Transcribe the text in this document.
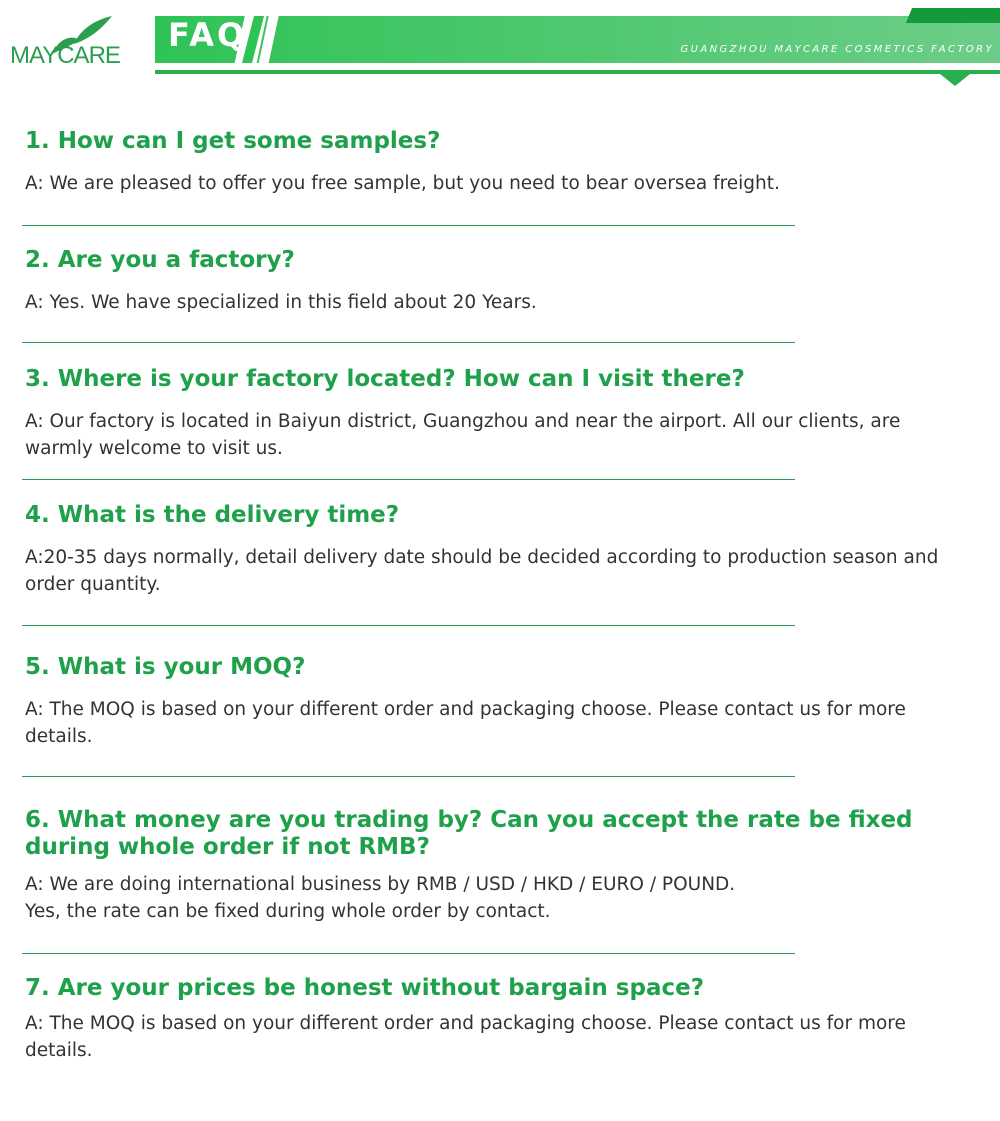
MAYCARE
FAQ	GUANGZHOU MAYCARE COSMETICS FACTORY

1. How can I get some samples?

A: We are pleased to offer you free sample, but you need to bear oversea freight.

2. Are you a factory?

A: Yes. We have specialized in this field about 20 Years.

3. Where is your factory located? How can I visit there?

A: Our factory is located in Baiyun district, Guangzhou and near the airport. All our clients, are warmly welcome to visit us.

4. What is the delivery time?

A:20-35 days normally, detail delivery date should be decided according to production season and order quantity.

5. What is your MOQ?

A: The MOQ is based on your different order and packaging choose. Please contact us for more details.

6. What money are you trading by? Can you accept the rate be fixed during whole order if not RMB?

A: We are doing international business by RMB / USD / HKD / EURO / POUND.
Yes, the rate can be fixed during whole order by contact.

7. Are your prices be honest without bargain space?

A: The MOQ is based on your different order and packaging choose. Please contact us for more details.
